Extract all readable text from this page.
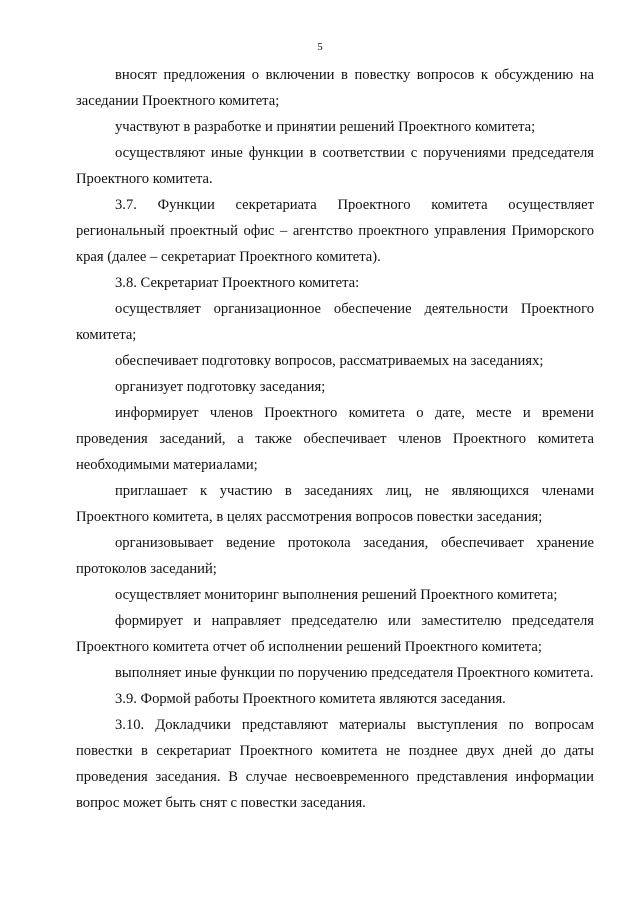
5

вносят предложения о включении в повестку вопросов к обсуждению на заседании Проектного комитета;

участвуют в разработке и принятии решений Проектного комитета;

осуществляют иные функции в соответствии с поручениями председателя Проектного комитета.

3.7. Функции секретариата Проектного комитета осуществляет региональный проектный офис – агентство проектного управления Приморского края (далее – секретариат Проектного комитета).

3.8. Секретариат Проектного комитета:

осуществляет организационное обеспечение деятельности Проектного комитета;

обеспечивает подготовку вопросов, рассматриваемых на заседаниях;

организует подготовку заседания;

информирует членов Проектного комитета о дате, месте и времени проведения заседаний, а также обеспечивает членов Проектного комитета необходимыми материалами;

приглашает к участию в заседаниях лиц, не являющихся членами Проектного комитета, в целях рассмотрения вопросов повестки заседания;

организовывает ведение протокола заседания, обеспечивает хранение протоколов заседаний;

осуществляет мониторинг выполнения решений Проектного комитета;

формирует и направляет председателю или заместителю председателя Проектного комитета отчет об исполнении решений Проектного комитета;

выполняет иные функции по поручению председателя Проектного комитета.

3.9. Формой работы Проектного комитета являются заседания.

3.10. Докладчики представляют материалы выступления по вопросам повестки в секретариат Проектного комитета не позднее двух дней до даты проведения заседания. В случае несвоевременного представления информации вопрос может быть снят с повестки заседания.
